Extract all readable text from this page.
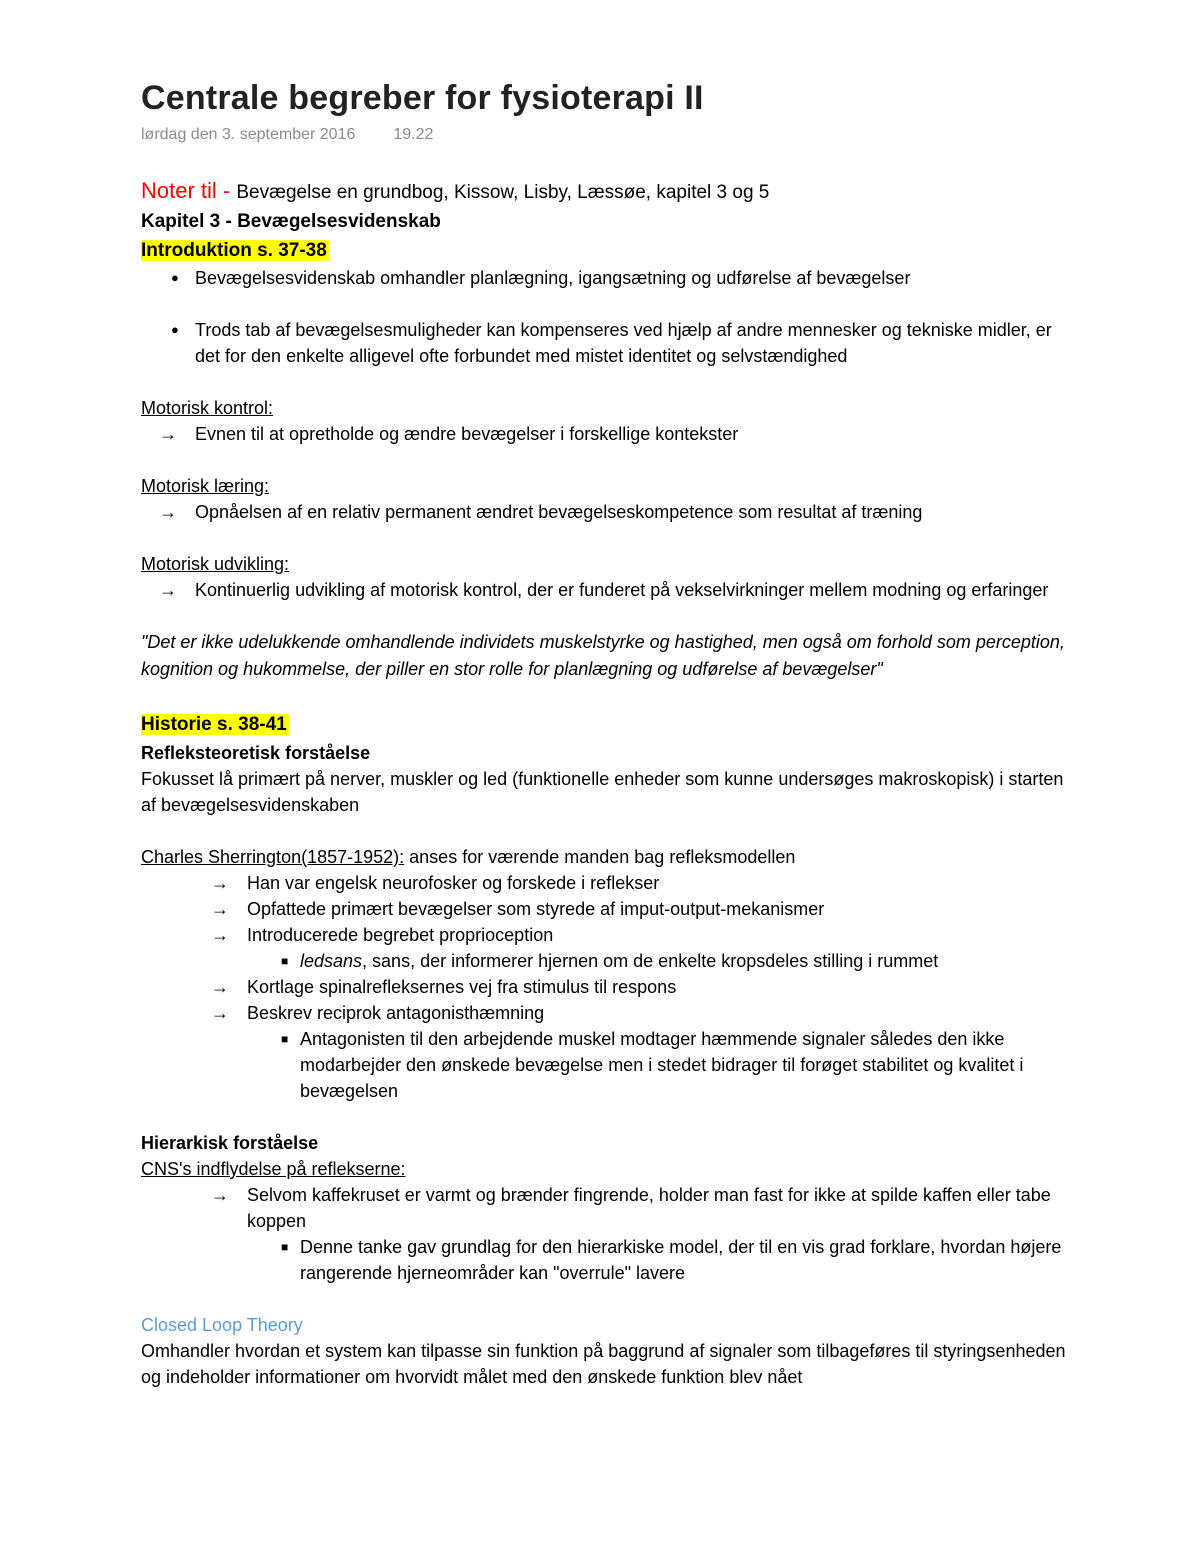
Centrale begreber for fysioterapi II
lørdag den 3. september 2016 19.22
Noter til - Bevægelse en grundbog, Kissow, Lisby, Læssøe, kapitel 3 og 5
Kapitel 3 - Bevægelsesvidenskab
Introduktion s. 37-38
● Bevægelsesvidenskab omhandler planlægning, igangsætning og udførelse af bevægelser
● Trods tab af bevægelsesmuligheder kan kompenseres ved hjælp af andre mennesker og tekniske midler, er det for den enkelte alligevel ofte forbundet med mistet identitet og selvstændighed
Motorisk kontrol:
→	Evnen til at opretholde og ændre bevægelser i forskellige kontekster
Motorisk læring:
→	Opnåelsen af en relativ permanent ændret bevægelseskompetence som resultat af træning
Motorisk udvikling:
→	Kontinuerlig udvikling af motorisk kontrol, der er funderet på vekselvirkninger mellem modning og erfaringer
"Det er ikke udelukkende omhandlende individets muskelstyrke og hastighed, men også om forhold som perception, kognition og hukommelse, der piller en stor rolle for planlægning og udførelse af bevægelser"
Historie s. 38-41
Refleksteoretisk forståelse
Fokusset lå primært på nerver, muskler og led (funktionelle enheder som kunne undersøges makroskopisk) i starten af bevægelsesvidenskaben
Charles Sherrington(1857-1952): anses for værende manden bag refleksmodellen
→	Han var engelsk neurofosker og forskede i reflekser
→	Opfattede primært bevægelser som styrede af imput-output-mekanismer
→	Introducerede begrebet proprioception
■ ledsans, sans, der informerer hjernen om de enkelte kropsdeles stilling i rummet
→	Kortlage spinalrefleksernes vej fra stimulus til respons
→	Beskrev reciprok antagonisthæmning
■ Antagonisten til den arbejdende muskel modtager hæmmende signaler således den ikke modarbejder den ønskede bevægelse men i stedet bidrager til forøget stabilitet og kvalitet i bevægelsen
Hierarkisk forståelse
CNS's indflydelse på reflekserne:
→	Selvom kaffekruset er varmt og brænder fingrende, holder man fast for ikke at spilde kaffen eller tabe koppen
■ Denne tanke gav grundlag for den hierarkiske model, der til en vis grad forklare, hvordan højere rangerende hjerneområder kan "overrule" lavere
Closed Loop Theory
Omhandler hvordan et system kan tilpasse sin funktion på baggrund af signaler som tilbageføres til styringsenheden og indeholder informationer om hvorvidt målet med den ønskede funktion blev nået
